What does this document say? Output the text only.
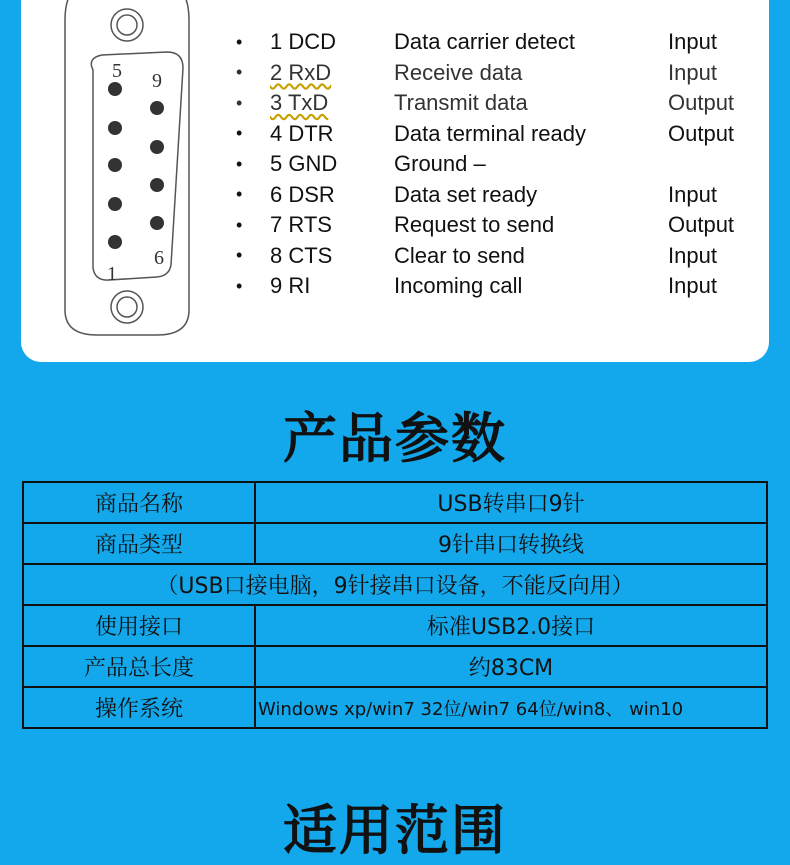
5 9
1
6
•	1 DCD	Data carrier detect	Input
•	2 RxD	Receive data	Input
•	3 TxD	Transmit data	Output
•	4 DTR	Data terminal ready	Output
•	5 GND	Ground –
•	6 DSR	Data set ready	Input
•	7 RTS	Request to send	Output
•	8 CTS	Clear to send	Input
•	9 RI	Incoming call	Input
产品参数
商品名称	USB转串口9针
商品类型	9针串口转换线
（USB口接电脑，9针接串口设备，不能反向用）	
使用接口	标准USB2.0接口
产品总长度	约83CM
操作系统	Windows xp/win7 32位/win7 64位/win8、 win10
适用范围
